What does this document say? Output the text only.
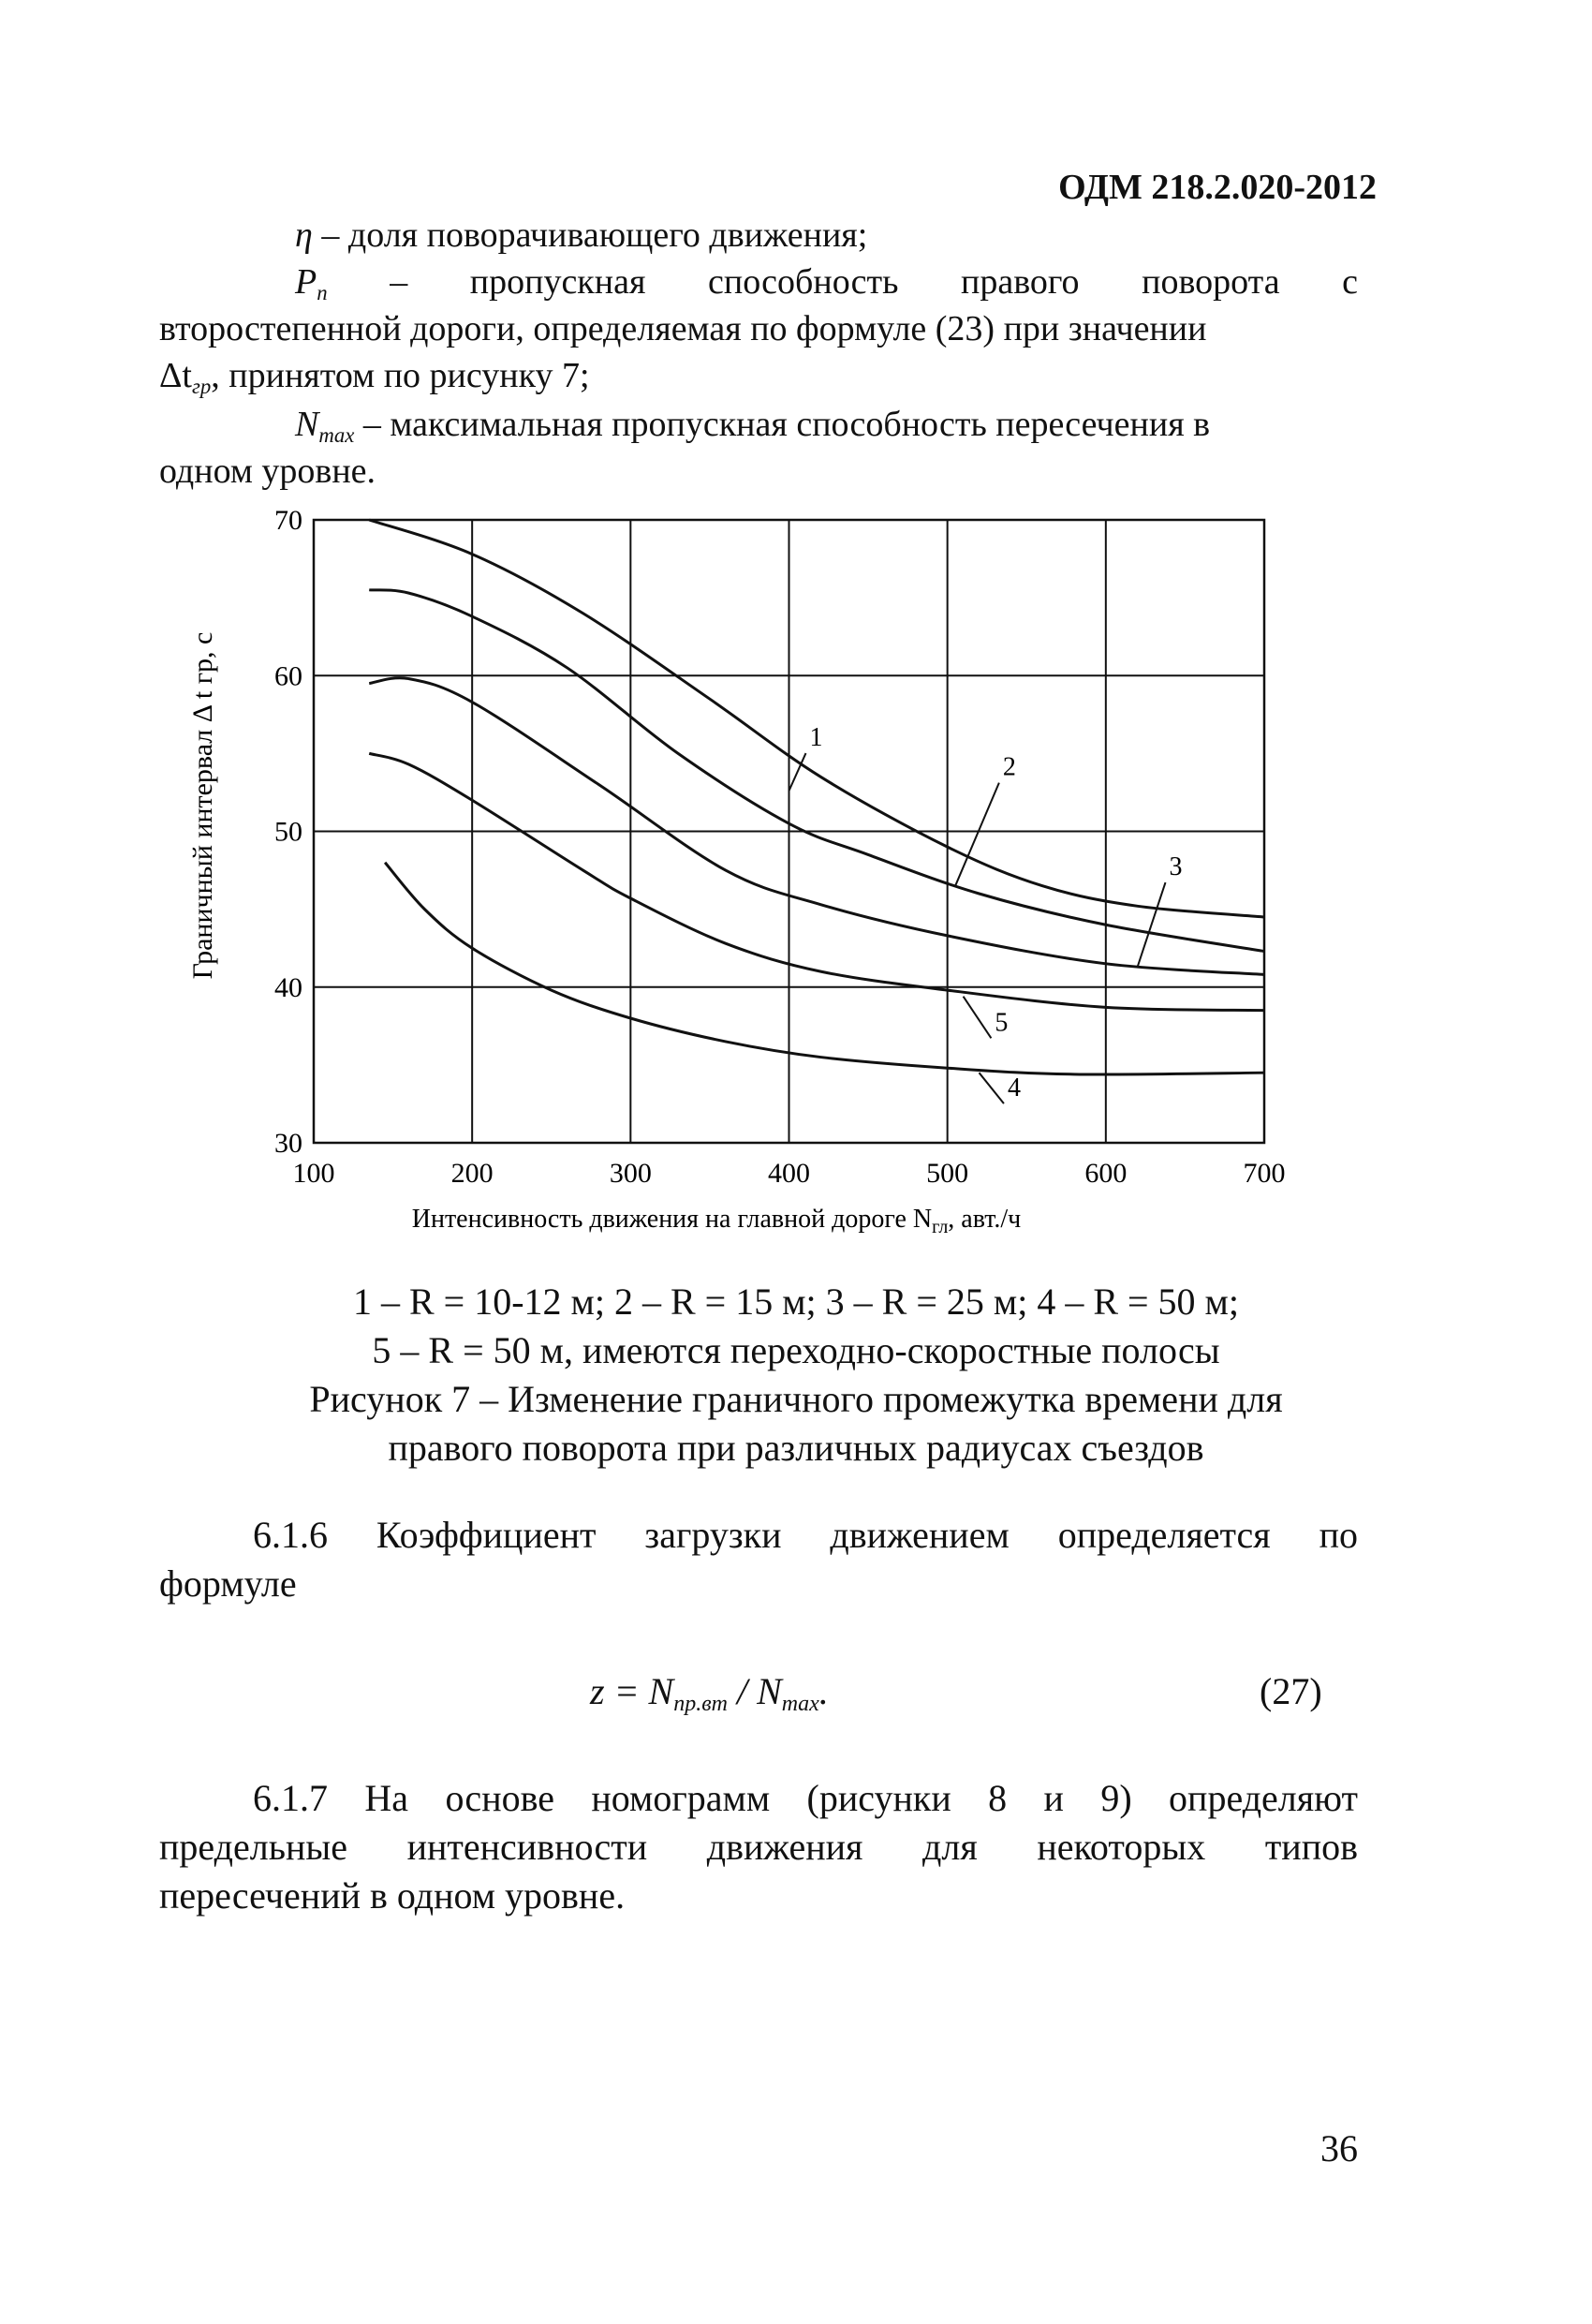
ОДМ 218.2.020-2012
η – доля поворачивающего движения;
$P_п$ – пропускная способность правого поворота с
второстепенной дороги, определяемая по формуле (23) при значении
$\Delta t_{гр}$, принятом по рисунку 7;
$N_{max}$ – максимальная пропускная способность пересечения в
одном уровне.
100	200	300	400	500	600	700
30
40
50
60
70
1
2
3
5
4
Граничный интервал Δ t гр, с
Интенсивность движения на главной дороге $N_{гл}$, авт./ч
1 – R = 10-12 м; 2 – R = 15 м; 3 – R = 25 м; 4 – R = 50 м;
5 – R = 50 м, имеются переходно-скоростные полосы
Рисунок 7 – Изменение граничного промежутка времени для
правого поворота при различных радиусах съездов
6.1.6 Коэффициент загрузки движением определяется по
формуле
$z = N_{пр.вт} / N_{max}$.	(27)
6.1.7 На основе номограмм (рисунки 8 и 9) определяют
предельные интенсивности движения для некоторых типов
пересечений в одном уровне.
36
